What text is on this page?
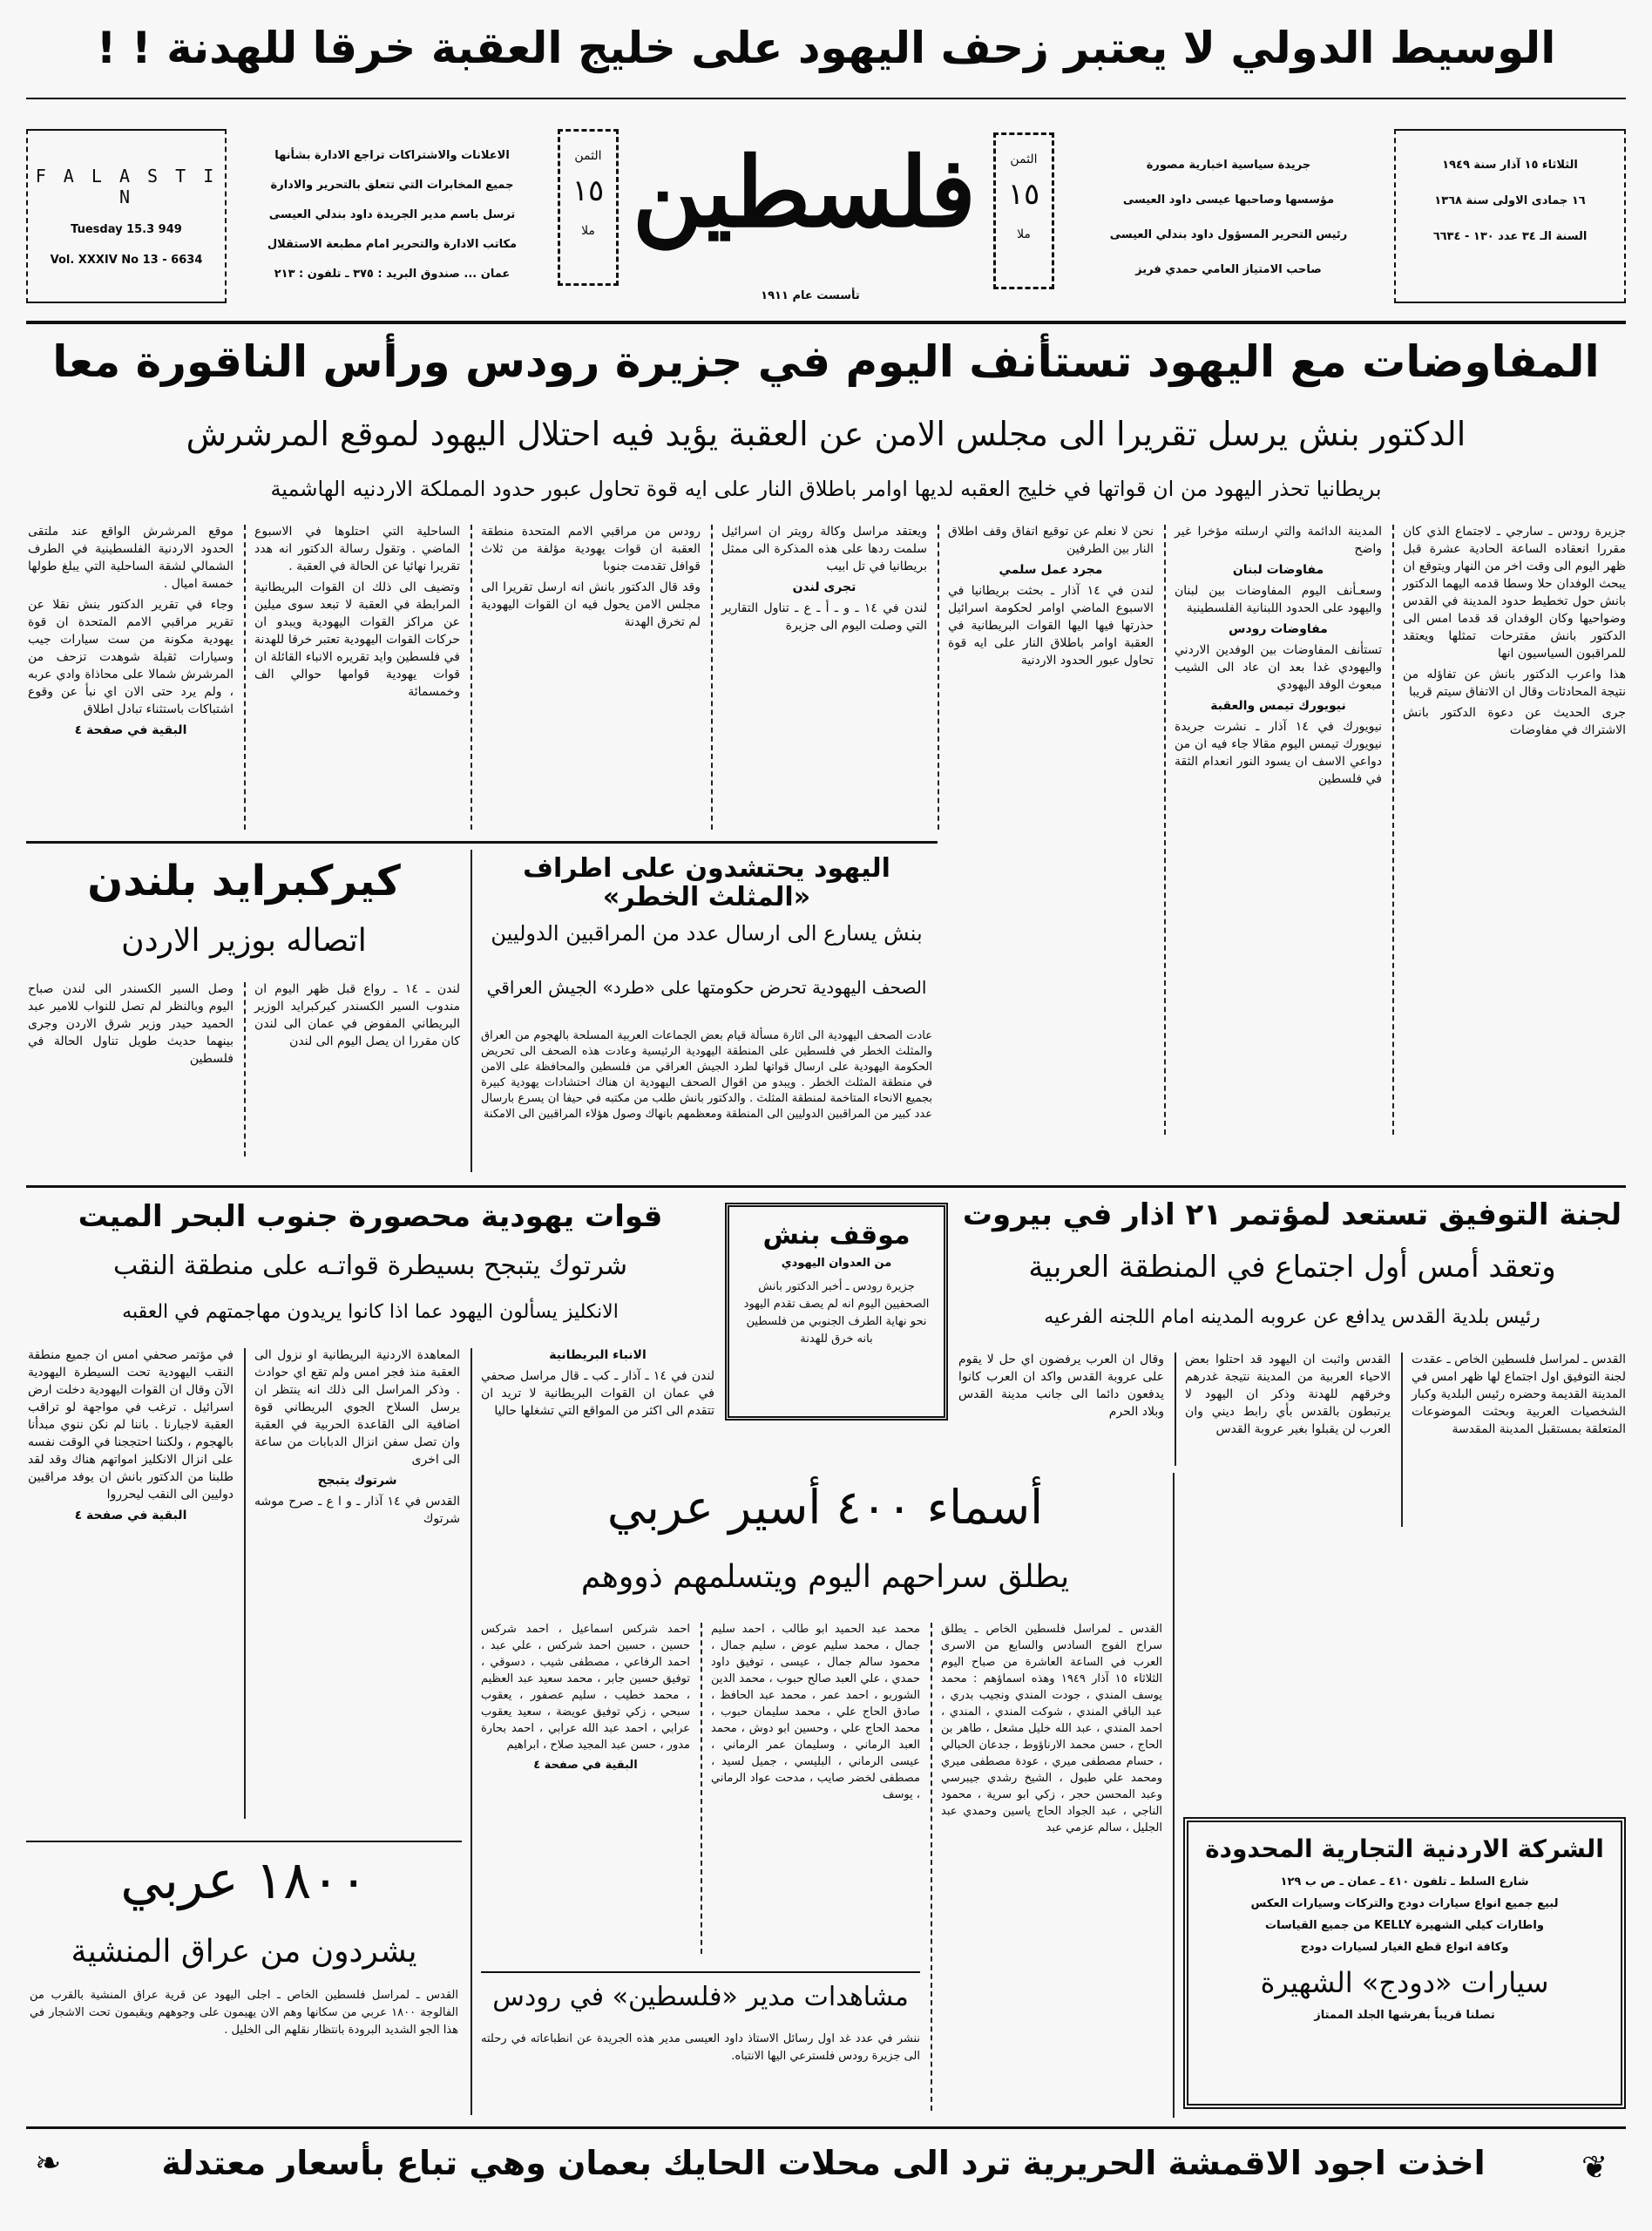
الوسيط الدولي لا يعتبر زحف اليهود على خليج العقبة خرقا للهدنة ! !
الثلاثاء ١٥ آذار سنة ١٩٤٩
١٦ جمادى الاولى سنة ١٣٦٨
السنة الـ ٣٤ عدد ١٣٠ - ٦٦٣٤
جريدة سياسية اخبارية مصورة
مؤسسها وصاحبها عيسى داود العيسى
رئيس التحرير المسؤول داود بندلي العيسى
صاحب الامتياز العامي حمدي فريز
الثمن
١٥
ملا
فلسطين
تأسست عام ١٩١١
الثمن
١٥
ملا
الاعلانات والاشتراكات تراجع الادارة بشأنها
جميع المخابرات التي تتعلق بالتحرير والادارة
ترسل باسم مدير الجريدة داود بندلي العيسى
مكاتب الادارة والتحرير امام مطبعة الاستقلال
عمان ... صندوق البريد : ٣٧٥ ـ تلفون : ٢١٣
F A L A S T I N
Tuesday 15.3 949
Vol. XXXIV No 13 - 6634
المفاوضات مع اليهود تستأنف اليوم في جزيرة رودس ورأس الناقورة معا
الدكتور بنش يرسل تقريرا الى مجلس الامن عن العقبة يؤيد فيه احتلال اليهود لموقع المرشرش
بريطانيا تحذر اليهود من ان قواتها في خليج العقبه لديها اوامر باطلاق النار على ايه قوة تحاول عبور حدود المملكة الاردنيه الهاشمية

جزيرة رودس ـ سارجي ـ لاجتماع الذي كان مقررا انعقاده الساعة الحادية عشرة قبل ظهر اليوم الى وقت اخر من النهار ويتوقع ان يبحث الوفدان حلا وسطا قدمه اليهما الدكتور بانش حول تخطيط حدود المدينة في القدس وضواحيها وكان الوفدان قد قدما امس الى الدكتور بانش مقترحات تمثلها ويعتقد للمراقبون السياسيون انها

هذا واعرب الدكتور بانش عن تفاؤله من نتيجة المحادثات وقال ان الاتفاق سيتم قريبا

جرى الحديث عن دعوة الدكتور بانش الاشتراك في مفاوضات

المدينة الدائمة والتي ارسلته مؤخرا غير واضح

مفاوضات لبنان

وسعـأنف اليوم المفاوضات بين لبنان واليهود على الحدود اللبنانية الفلسطينية

مفاوضات رودس

تستأنف المفاوضات بين الوفدين الاردني واليهودي غدا بعد ان عاد الى الشيب مبعوث الوفد اليهودي

نيويورك تيمس والعقبة

نيويورك في ١٤ آذار ـ نشرت جريدة نيويورك تيمس اليوم مقالا جاء فيه ان من دواعي الاسف ان يسود النور انعدام الثقة في فلسطين

نحن لا نعلم عن توقيع اتفاق وقف اطلاق النار بين الطرفين

مجرد عمل سلمي

لندن في ١٤ آذار ـ بحثت بريطانيا في الاسبوع الماضي اوامر لحكومة اسرائيل حذرتها فيها اليها القوات البريطانية في العقبة اوامر باطلاق النار على ايه قوة تحاول عبور الحدود الاردنية

ويعتقد مراسل وكالة رويتر ان اسرائيل سلمت ردها على هذه المذكرة الى ممثل بريطانيا في تل ابيب

تجرى لندن

لندن في ١٤ ـ و ـ أ ـ ع ـ تناول التقارير التي وصلت اليوم الى جزيرة

رودس من مراقبي الامم المتحدة منطقة العقبة ان قوات يهودية مؤلفة من ثلاث قوافل تقدمت جنوبا

وقد قال الدكتور بانش انه ارسل تقريرا الى مجلس الامن يحول فيه ان القوات اليهودية لم تخرق الهدنة

الساحلية التي احتلوها في الاسبوع الماضي . وتقول رسالة الدكتور انه هدد تقريرا نهائيا عن الحالة في العقبة .

وتضيف الى ذلك ان القوات البريطانية المرابطة في العقبة لا تبعد سوى ميلين عن مراكز القوات اليهودية ويبدو ان حركات القوات اليهودية تعتبر خرقا للهدنة في فلسطين وايد تقريره الانباء القائلة ان قوات يهودية قوامها حوالي الف وخمسمائة

موقع المرشرش الواقع عند ملتقى الحدود الاردنية الفلسطينية في الطرف الشمالي لشقة الساحلية التي يبلغ طولها خمسة اميال .

وجاء في تقرير الدكتور بنش نقلا عن تقرير مراقبي الامم المتحدة ان قوة يهودية مكونة من ست سيارات جيب وسيارات ثقيلة شوهدت تزحف من المرشرش شمالا على محاذاة وادي عربه ، ولم يرد حتى الان اي نبأ عن وقوع اشتباكات باستثناء تبادل اطلاق

البقية في صفحة ٤

كيركبرايد بلندن
اتصاله بوزير الاردن

لندن ـ ١٤ ـ رواع قبل ظهر اليوم ان مندوب السير الكسندر كيركبرايد الوزير البريطاني المفوض في عمان الى لندن كان مقررا ان يصل اليوم الى لندن

وصل السير الكسندر الى لندن صباح اليوم وبالنظر لم تصل للنواب للامير عبد الحميد حيدر وزير شرق الاردن وجرى بينهما حديث طويل تناول الحالة في فلسطين

اليهود يحتشدون على اطراف «المثلث الخطر»
بنش يسارع الى ارسال عدد من المراقبين الدوليين
الصحف اليهودية تحرض حكومتها على «طرد» الجيش العراقي

عادت الصحف اليهودية الى اثارة مسألة قيام بعض الجماعات العربية المسلحة بالهجوم من العراق والمثلث الخطر في فلسطين على المنطقة اليهودية الرئيسية وعادت هذه الصحف الى تحريض الحكومة اليهودية على ارسال قواتها لطرد الجيش العراقي من فلسطين والمحافظة على الامن في منطقة المثلث الخطر . ويبدو من اقوال الصحف اليهودية ان هناك احتشادات يهودية كبيرة بجميع الانحاء المتاخمة لمنطقة المثلث . والدكتور بانش طلب من مكتبه في حيفا ان يسرع بارسال عدد كبير من المراقبين الدوليين الى المنطقة ومعظمهم بانهاك وصول هؤلاء المراقبين الى الامكنة

لجنة التوفيق تستعد لمؤتمر ٢١ اذار في بيروت
وتعقد أمس أول اجتماع في المنطقة العربية
رئيس بلدية القدس يدافع عن عروبه المدينه امام اللجنه الفرعيه

القدس ـ لمراسل فلسطين الخاص ـ عقدت لجنة التوفيق اول اجتماع لها ظهر امس في المدينة القديمة وحضره رئيس البلدية وكبار الشخصيات العربية وبحثت الموضوعات المتعلقة بمستقبل المدينة المقدسة

القدس واثبت ان اليهود قد احتلوا بعض الاحياء العربية من المدينة نتيجة غدرهم وخرقهم للهدنة وذكر ان اليهود لا يرتبطون بالقدس بأي رابط ديني وان العرب لن يقبلوا بغير عروبة القدس

وقال ان العرب يرفضون اي حل لا يقوم على عروبة القدس واكد ان العرب كانوا يدفعون دائما الى جانب مدينة القدس وبلاد الحرم

موقف بنش
من العدوان اليهودي
جزيرة رودس ـ أخبر الدكتور بانش الصحفيين اليوم انه لم يصف تقدم اليهود نحو نهاية الطرف الجنوبي من فلسطين بانه خرق للهدنة
قوات يهودية محصورة جنوب البحر الميت
شرتوك يتبجح بسيطرة قواتـه على منطقة النقب
الانكليز يسألون اليهود عما اذا كانوا يريدون مهاجمتهم في العقبه

الانباء البريطانية

لندن في ١٤ ـ آذار ـ كب ـ قال مراسل صحفي في عمان ان القوات البريطانية لا تريد ان تتقدم الى اكثر من المواقع التي تشغلها حاليا

المعاهدة الاردنية البريطانية او نزول الى العقبة منذ فجر امس ولم تقع اي حوادث . وذكر المراسل الى ذلك انه ينتظر ان يرسل السلاح الجوي البريطاني قوة اضافية الى القاعدة الحربية في العقبة وان تصل سفن انزال الدبابات من ساعة الى اخرى

شرتوك يتبجح

القدس في ١٤ آذار ـ و ا ع ـ صرح موشه شرتوك

في مؤتمر صحفي امس ان جميع منطقة النقب اليهودية تحت السيطرة اليهودية الآن وقال ان القوات اليهودية دخلت ارض اسرائيل . ترغب في مواجهة لو تراقب العقبة لاجبارنا . باننا لم نكن ننوي مبدأنا بالهجوم ، ولكننا احتججنا في الوقت نفسه على انزال الانكليز امواتهم هناك وقد لقد طلبنا من الدكتور بانش ان يوفد مراقبين دوليين الى النقب ليحرروا

البقية في صفحة ٤	أسماء ٤٠٠ أسير عربي
يطلق سراحهم اليوم ويتسلمهم ذووهم

القدس ـ لمراسل فلسطين الخاص ـ يطلق سراح الفوج السادس والسابع من الاسرى العرب في الساعة العاشرة من صباح اليوم الثلاثاء ١٥ آذار ١٩٤٩ وهذه اسماؤهم : محمد يوسف المندي ، جودت المندي ونجيب بدري ، عبد الباقي المندي ، شوكت المندي ، المندي ، احمد المندي ، عبد الله خليل مشعل ، طاهر بن الحاج ، حسن محمد الارناؤوط ، جدعان الحبالي ، حسام مصطفى ميري ، عودة مصطفى ميري ومحمد علي طبول ، الشيخ رشدي جيبرسي وعبد المحسن حجر ، زكي ابو سرية ، محمود الناجي ، عبد الجواد الحاج ياسين وحمدي عبد الجليل ، سالم عزمي عبد

محمد عبد الحميد ابو طالب ، احمد سليم جمال ، محمد سليم عوض ، سليم جمال ، محمود سالم جمال ، عيسى ، توفيق داود حمدي ، علي العبد صالح حبوب ، محمد الدين الشوربو ، احمد عمر ، محمد عبد الحافظ ، صادق الحاج علي ، محمد سليمان حبوب ، محمد الحاج علي ، وحسين ابو دوش ، محمد العبد الرماني ، وسليمان عمر الرماني ، عيسى الرماني ، البليسي ، جميل لسيد ، مصطفى لخضر صايب ، مدحت عواد الرماني ، يوسف

احمد شركس اسماعيل ، احمد شركس حسين ، حسين احمد شركس ، علي عبد ، احمد الرفاعي ، مصطفى شيب ، دسوقي ، توفيق حسين جابر ، محمد سعيد عبد العظيم ، محمد خطيب ، سليم عصفور ، يعقوب سبحي ، زكي توفيق عويضة ، سعيد يعقوب عرابي ، احمد عبد الله عرابي ، احمد بحارة مدور ، حسن عبد المجيد صلاح ، ابراهيم

البقية في صفحة ٤

مشاهدات مدير «فلسطين» في رودس

ننشر في عدد غد اول رسائل الاستاذ داود العيسى مدير هذه الجريدة عن انطباعاته في رحلته الى جزيرة رودس فلسترعي اليها الانتباه.

١٨٠٠ عربي
يشردون من عراق المنشية

القدس ـ لمراسل فلسطين الخاص ـ اجلى اليهود عن قرية عراق المنشية بالقرب من الفالوجة ١٨٠٠ عربي من سكانها وهم الان يهيمون على وجوههم ويقيمون تحت الاشجار في هذا الجو الشديد البرودة بانتظار نقلهم الى الخليل .

الشركة الاردنية التجارية المحدودة
شارع السلط ـ تلفون ٤١٠ ـ عمان ـ ص ب ١٢٩
لبيع جميع انواع سيارات دودج والتركات وسيارات العكس
واطارات كيلي الشهيرة KELLY من جميع القياسات
وكافة انواع قطع الغيار لسيارات دودج
سيارات «دودج» الشهيرة
تصلنا قريباً بفرشها الجلد الممتاز
❦
اخذت اجود الاقمشة الحريرية ترد الى محلات الحايك بعمان وهي تباع بأسعار معتدلة
❧
